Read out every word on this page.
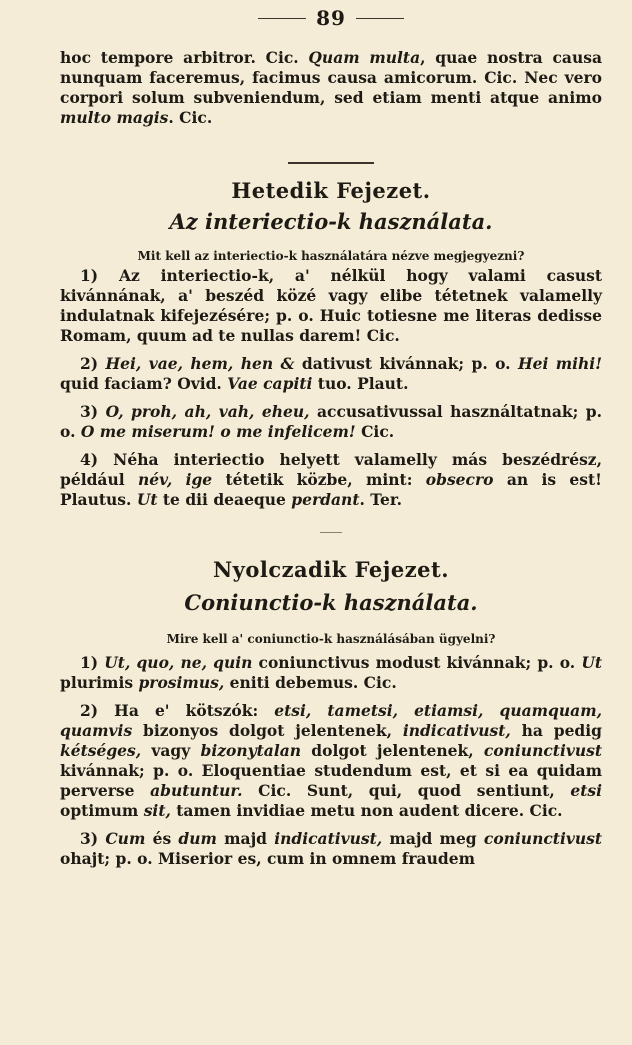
89

hoc tempore arbitror. Cic. Quam multa, quae nostra causa nunquam faceremus, facimus causa amicorum. Cic. Nec vero corpori solum subveniendum, sed etiam menti atque animo multo magis. Cic.

Hetedik Fejezet.
Az interiectio-k használata.

Mit kell az interiectio-k használatára nézve megjegyezni?

1) Az interiectio-k, a' nélkül hogy valami casust kivánnának, a' beszéd közé vagy elibe tétetnek valamelly indulatnak kifejezésére; p. o. Huic totiesne me literas dedisse Romam, quum ad te nullas darem! Cic.

2) Hei, vae, hem, hen & dativust kivánnak; p. o. Hei mihi! quid faciam? Ovid. Vae capiti tuo. Plaut.

3) O, proh, ah, vah, eheu, accusativussal használtatnak; p. o. O me miserum! o me infelicem! Cic.

4) Néha interiectio helyett valamelly más beszédrész, például név, ige tétetik közbe, mint: obsecro an is est! Plautus. Ut te dii deaeque perdant. Ter.

Nyolczadik Fejezet.
Coniunctio-k használata.

Mire kell a' coniunctio-k használásában ügyelni?

1) Ut, quo, ne, quin coniunctivus modust kivánnak; p. o. Ut plurimis prosimus, eniti debemus. Cic.

2) Ha e' kötszók: etsi, tametsi, etiamsi, quamquam, quamvis bizonyos dolgot jelentenek, indicativust, ha pedig kétséges, vagy bizonytalan dolgot jelentenek, coniunctivust kivánnak; p. o. Eloquentiae studendum est, et si ea quidam perverse abutuntur. Cic. Sunt, qui, quod sentiunt, etsi optimum sit, tamen invidiae metu non audent dicere. Cic.

3) Cum és dum majd indicativust, majd meg coniunctivust ohajt; p. o. Miserior es, cum in omnem fraudem
